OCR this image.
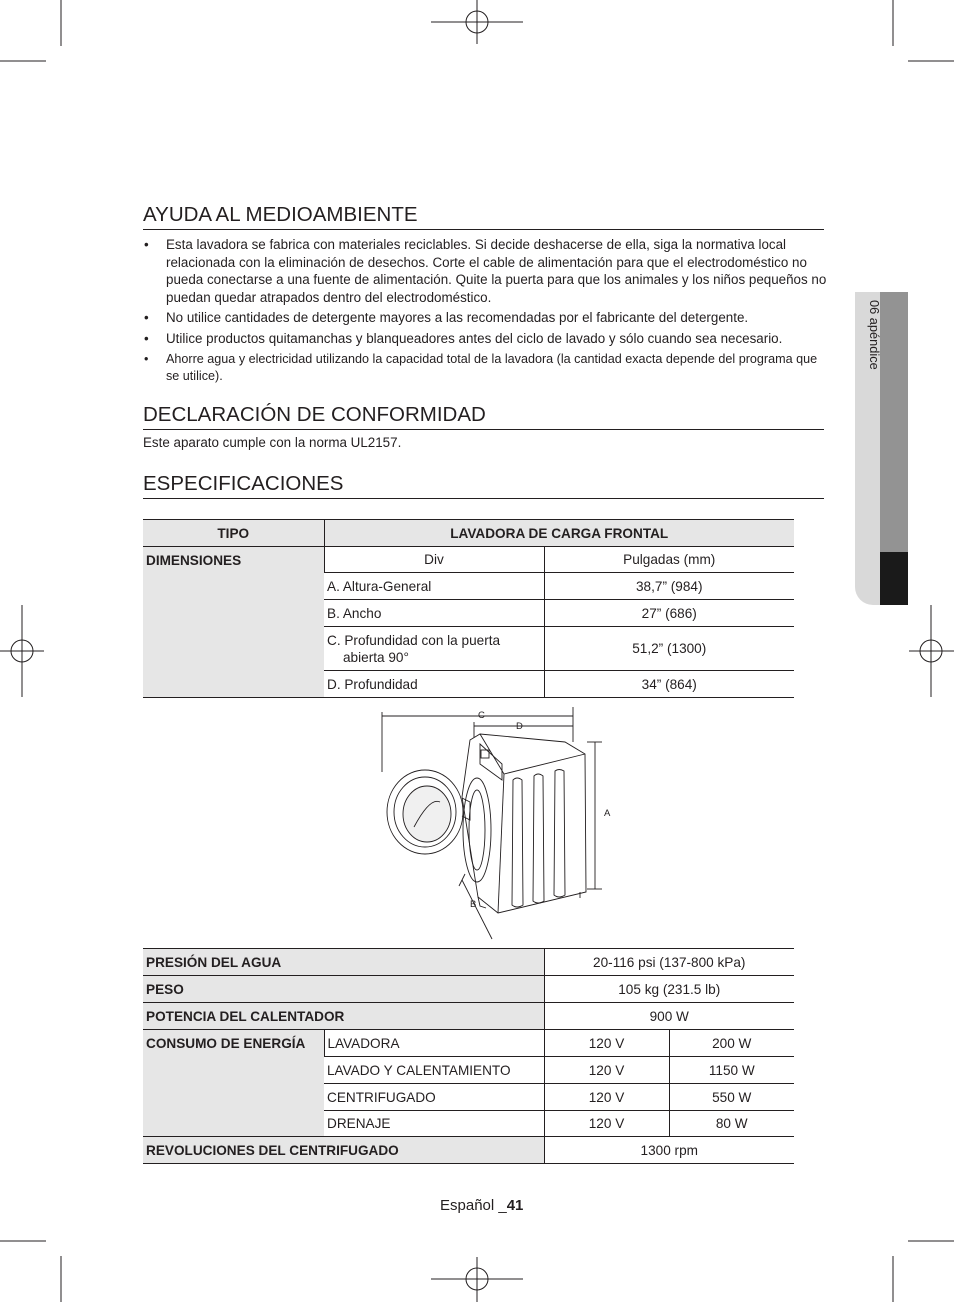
AYUDA AL MEDIOAMBIENTE
• Esta lavadora se fabrica con materiales reciclables. Si decide deshacerse de ella, siga la normativa local relacionada con la eliminación de desechos. Corte el cable de alimentación para que el electrodoméstico no pueda conectarse a una fuente de alimentación. Quite la puerta para que los animales y los niños pequeños no puedan quedar atrapados dentro del electrodoméstico.
• No utilice cantidades de detergente mayores a las recomendadas por el fabricante del detergente.
• Utilice productos quitamanchas y blanqueadores antes del ciclo de lavado y sólo cuando sea necesario.
• Ahorre agua y electricidad utilizando la capacidad total de la lavadora (la cantidad exacta depende del programa que se utilice).
DECLARACIÓN DE CONFORMIDAD
Este aparato cumple con la norma UL2157.
ESPECIFICACIONES
TIPO	LAVADORA DE CARGA FRONTAL	
DIMENSIONES	Div	Pulgadas (mm)
	A. Altura-General	38,7” (984)
	B. Ancho	27” (686)

	C. Profundidad con la puerta abierta 90°	51,2” (1300)
	D. Profundidad	34” (864)
C
D
A
B
PRESIÓN DEL AGUA		20-116 psi (137-800 kPa)	
PESO		105 kg (231.5 lb)	
POTENCIA DEL CALENTADOR		900 W	
CONSUMO DE ENERGÍA	LAVADORA	120 V	200 W
	LAVADO Y CALENTAMIENTO	120 V	1150 W
	CENTRIFUGADO	120 V	550 W
	DRENAJE	120 V	80 W
REVOLUCIONES DEL CENTRIFUGADO		1300 rpm	
06 apéndice
Español _41
